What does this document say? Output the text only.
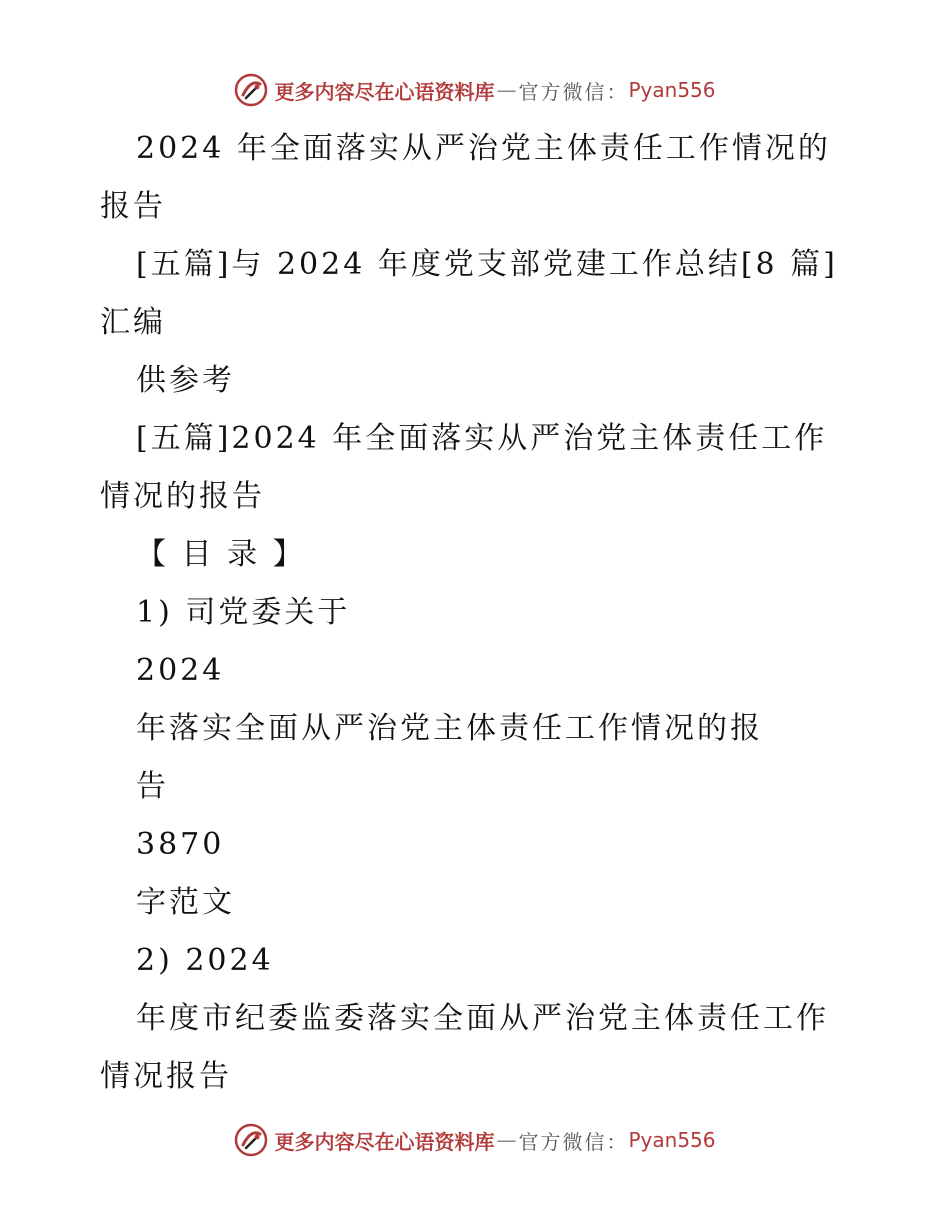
更多内容尽在心语资料库 — 官方微信： Pyan556
2024 年全面落实从严治党主体责任工作情况的
报告
[五篇]与 2024 年度党支部党建工作总结[8 篇]
汇编
供参考
[五篇]2024 年全面落实从严治党主体责任工作
情况的报告
【 目 录 】
1) 司党委关于
2024
年落实全面从严治党主体责任工作情况的报
告
3870
字范文
2) 2024
年度市纪委监委落实全面从严治党主体责任工作
情况报告
更多内容尽在心语资料库 — 官方微信： Pyan556
